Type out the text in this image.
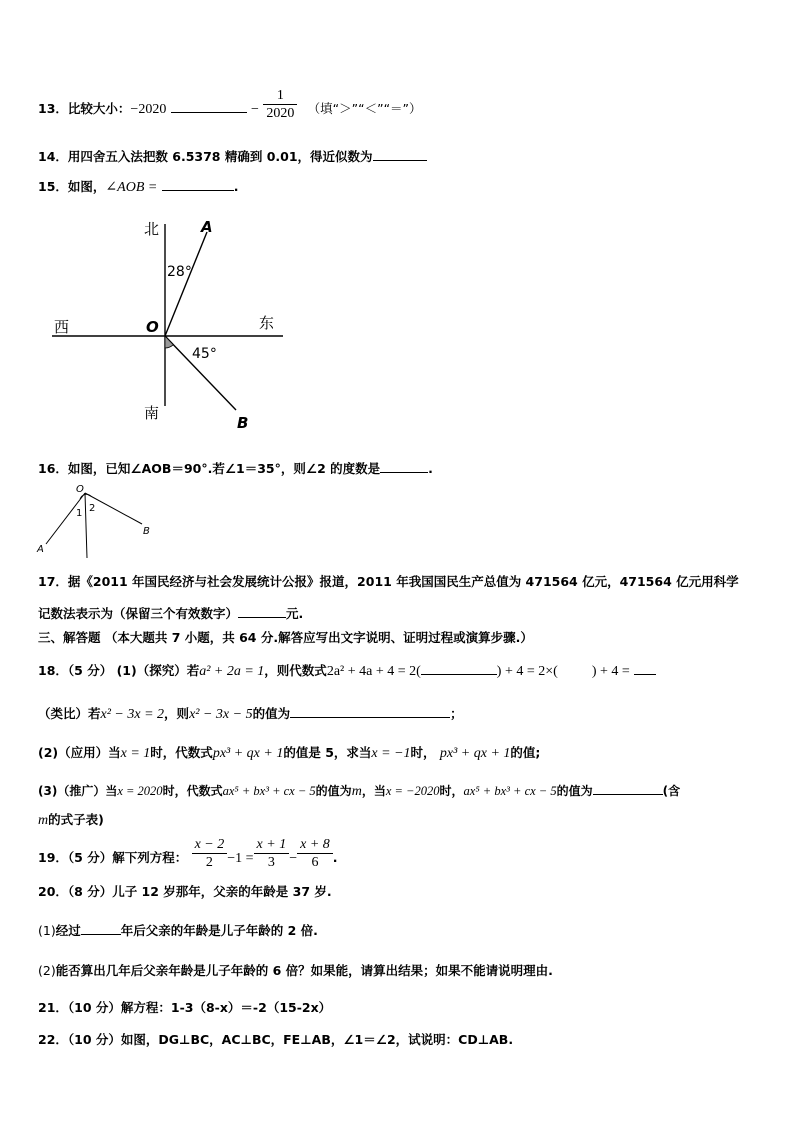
13．比较大小：−2020	− $\frac{1}{2020}$ （填“＞”“＜”“＝”）
14．用四舍五入法把数 6.5378 精确到 0.01，得近似数为
15．如图，∠AOB =	.
北
南
西	东
O
A
B
28°
45°
16．如图，已知∠AOB＝90°.若∠1＝35°，则∠2 的度数是	.
O
A
B
1 2
17．据《2011 年国民经济与社会发展统计公报》报道，2011 年我国国民生产总值为 471564 亿元，471564 亿元用科学
记数法表示为（保留三个有效数字）	元.
三、解答题 （本大题共 7 小题，共 64 分.解答应写出文字说明、证明过程或演算步骤.）
18．（5 分） (1)（探究）若a² + 2a = 1，则代数式2a² + 4a + 4 = 2(	) + 4 = 2×( ) + 4 =
（类比）若x² − 3x = 2，则x² − 3x − 5的值为	；
(2)（应用）当x = 1时，代数式px³ + qx + 1的值是 5，求当x = −1时， px³ + qx + 1的值;
(3)（推广）当x = 2020时，代数式ax⁵ + bx³ + cx − 5的值为m，当x = −2020时，ax⁵ + bx³ + cx − 5的值为	(含
m的式子表)
19．（5 分）解下列方程： $\frac{x - 2}{2} -1 = \frac{x + 1}{3} - \frac{x + 8}{6}$ .
20．（8 分）儿子 12 岁那年，父亲的年龄是 37 岁.
(1)经过	年后父亲的年龄是儿子年龄的 2 倍.
(2)能否算出几年后父亲年龄是儿子年龄的 6 倍？如果能，请算出结果；如果不能请说明理由.
21．（10 分）解方程：1-3（8-x）＝-2（15-2x）
22．（10 分）如图，DG⊥BC，AC⊥BC，FE⊥AB，∠1＝∠2，试说明：CD⊥AB.
